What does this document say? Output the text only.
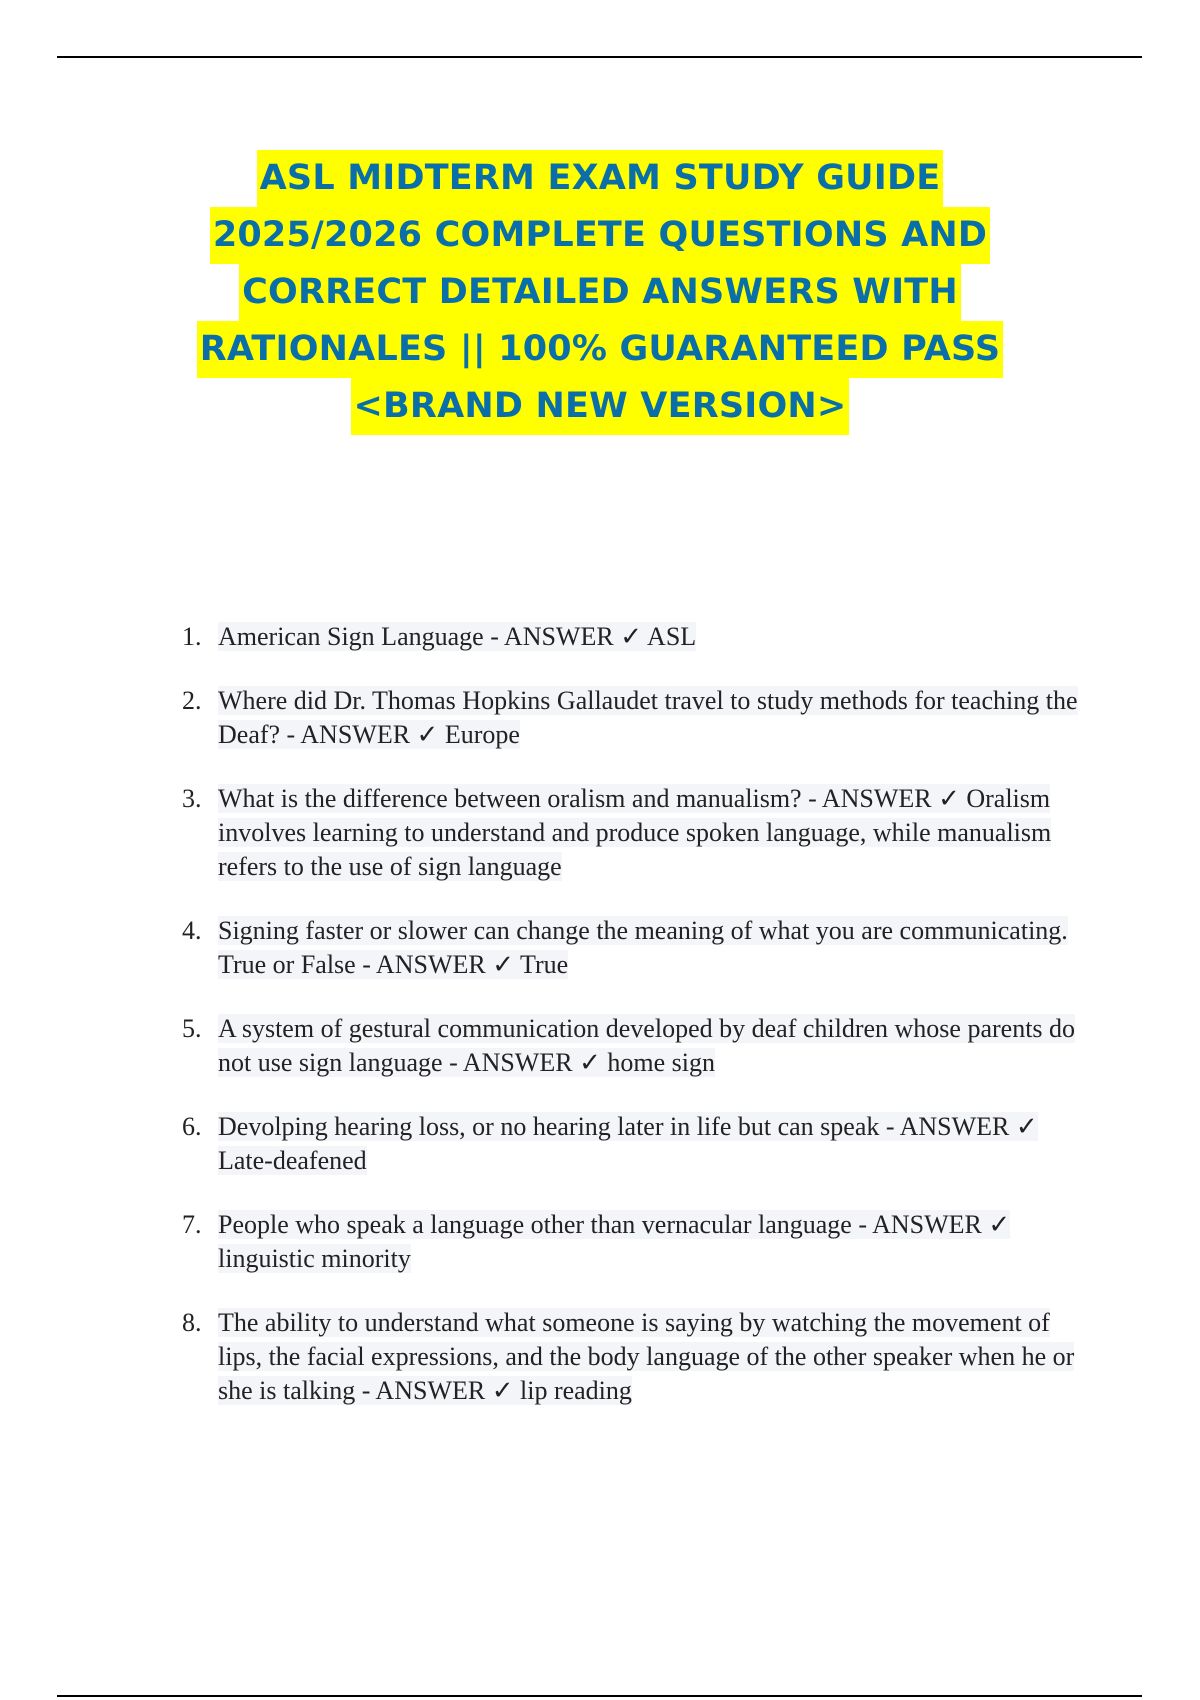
ASL MIDTERM EXAM STUDY GUIDE
2025/2026 COMPLETE QUESTIONS AND
CORRECT DETAILED ANSWERS WITH
RATIONALES || 100% GUARANTEED PASS
<BRAND NEW VERSION>
1. American Sign Language - ANSWER ✓ ASL
2. Where did Dr. Thomas Hopkins Gallaudet travel to study methods for teaching the Deaf? - ANSWER ✓ Europe
3. What is the difference between oralism and manualism? - ANSWER ✓ Oralism involves learning to understand and produce spoken language, while manualism refers to the use of sign language
4. Signing faster or slower can change the meaning of what you are communicating. True or False - ANSWER ✓ True
5. A system of gestural communication developed by deaf children whose parents do not use sign language - ANSWER ✓ home sign
6. Devolping hearing loss, or no hearing later in life but can speak - ANSWER ✓ Late-deafened
7. People who speak a language other than vernacular language - ANSWER ✓ linguistic minority
8. The ability to understand what someone is saying by watching the movement of lips, the facial expressions, and the body language of the other speaker when he or she is talking - ANSWER ✓ lip reading
